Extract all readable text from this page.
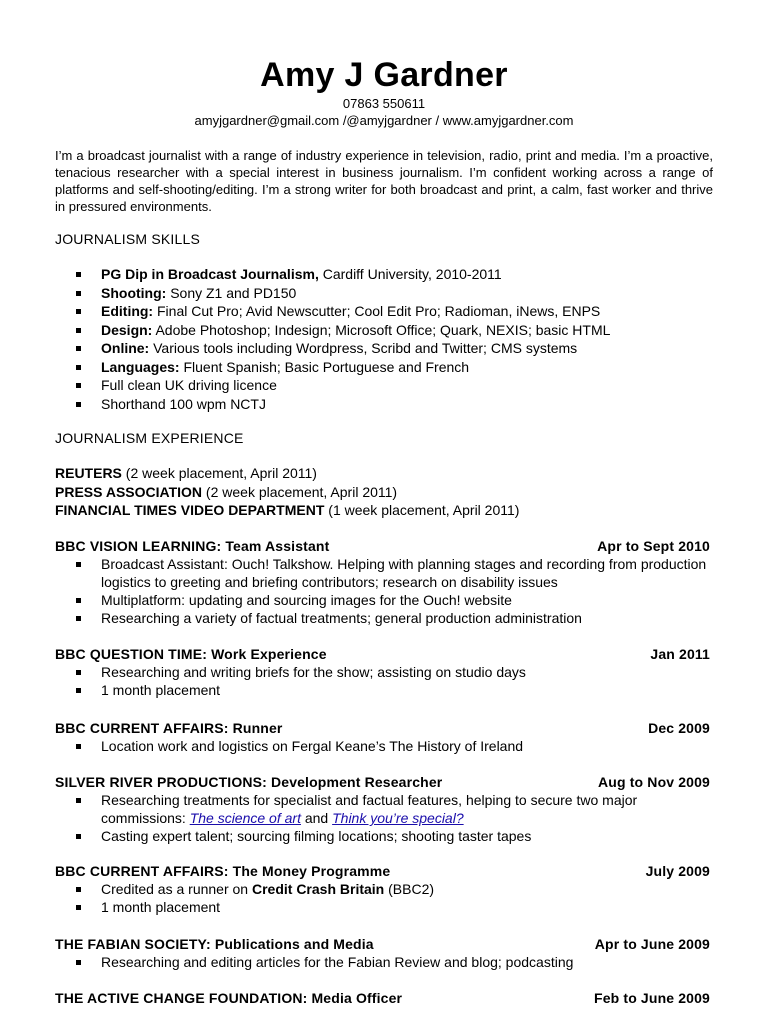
Amy J Gardner
07863 550611
amyjgardner@gmail.com /@amyjgardner / www.amyjgardner.com

I’m a broadcast journalist with a range of industry experience in television, radio, print and media. I’m a proactive, tenacious researcher with a special interest in business journalism. I’m confident working across a range of platforms and self-shooting/editing. I’m a strong writer for both broadcast and print, a calm, fast worker and thrive in pressured environments.

JOURNALISM SKILLS
PG Dip in Broadcast Journalism, Cardiff University, 2010-2011
Shooting: Sony Z1 and PD150
Editing: Final Cut Pro; Avid Newscutter; Cool Edit Pro; Radioman, iNews, ENPS
Design: Adobe Photoshop; Indesign; Microsoft Office; Quark, NEXIS; basic HTML
Online: Various tools including Wordpress, Scribd and Twitter; CMS systems
Languages: Fluent Spanish; Basic Portuguese and French
Full clean UK driving licence
Shorthand 100 wpm NCTJ
JOURNALISM EXPERIENCE
REUTERS (2 week placement, April 2011)
PRESS ASSOCIATION (2 week placement, April 2011)
FINANCIAL TIMES VIDEO DEPARTMENT (1 week placement, April 2011)
BBC VISION LEARNING: Team Assistant	Apr to Sept 2010
Broadcast Assistant: Ouch! Talkshow. Helping with planning stages and recording from production logistics to greeting and briefing contributors; research on disability issues
Multiplatform: updating and sourcing images for the Ouch! website
Researching a variety of factual treatments; general production administration
BBC QUESTION TIME: Work Experience	Jan 2011
Researching and writing briefs for the show; assisting on studio days
1 month placement
BBC CURRENT AFFAIRS: Runner	Dec 2009
Location work and logistics on Fergal Keane’s The History of Ireland
SILVER RIVER PRODUCTIONS: Development Researcher	Aug to Nov 2009
Researching treatments for specialist and factual features, helping to secure two major commissions: The science of art and Think you’re special?
Casting expert talent; sourcing filming locations; shooting taster tapes
BBC CURRENT AFFAIRS: The Money Programme	July 2009
Credited as a runner on Credit Crash Britain (BBC2)
1 month placement
THE FABIAN SOCIETY: Publications and Media	Apr to June 2009
Researching and editing articles for the Fabian Review and blog; podcasting
THE ACTIVE CHANGE FOUNDATION: Media Officer	Feb to June 2009
